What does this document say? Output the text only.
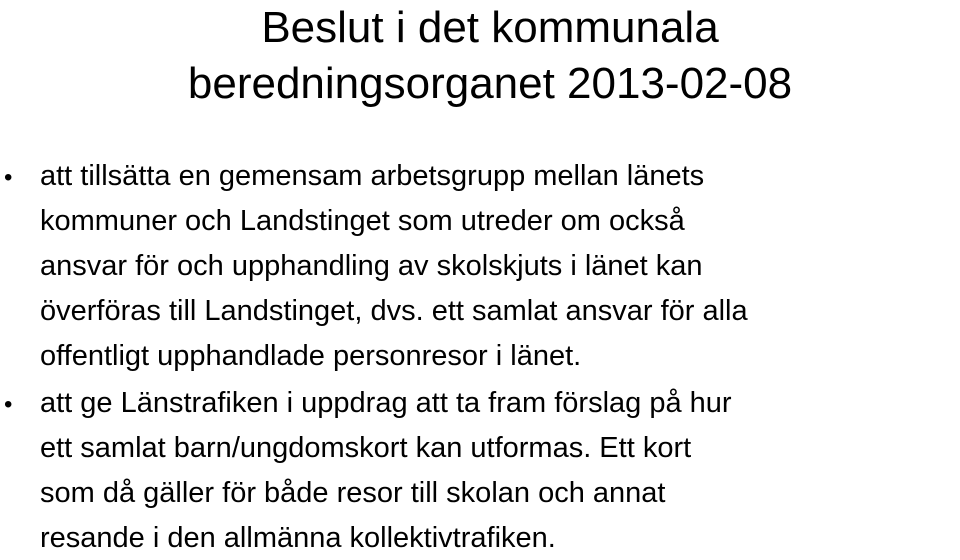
Beslut i det kommunala
beredningsorganet 2013-02-08
• att tillsätta en gemensam arbetsgrupp mellan länets
kommuner och Landstinget som utreder om också
ansvar för och upphandling av skolskjuts i länet kan
överföras till Landstinget, dvs. ett samlat ansvar för alla
offentligt upphandlade personresor i länet.
• att ge Länstrafiken i uppdrag att ta fram förslag på hur
ett samlat barn/ungdomskort kan utformas. Ett kort
som då gäller för både resor till skolan och annat
resande i den allmänna kollektivtrafiken.
